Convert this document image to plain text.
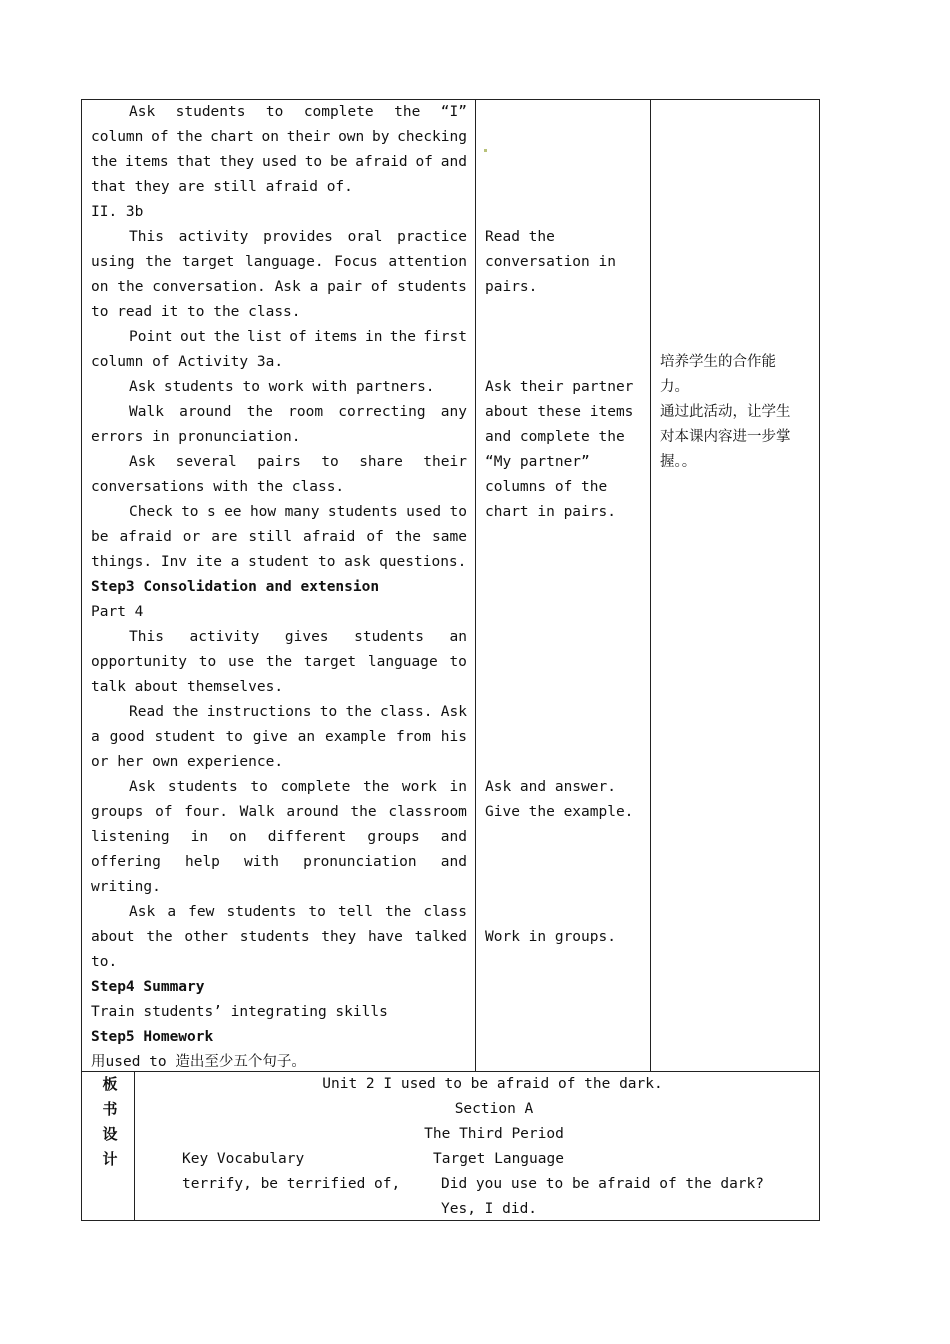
Ask students to complete the “I”
column of the chart on their own by checking
the items that they used to be afraid of and
that they are still afraid of.
II. 3b
This activity provides oral practice
using the target language. Focus attention
on the conversation. Ask a pair of students
to read it to the class.
Point out the list of items in the first
column of Activity 3a.
Ask students to work with partners.
Walk around the room correcting any
errors in pronunciation.
Ask several pairs to share their
conversations with the class.
Check to s ee how many students used to
be afraid or are still afraid of the same
things. Inv ite a student to ask questions.
Step3 Consolidation and extension
Part 4
This activity gives students an
opportunity to use the target language to
talk about themselves.
Read the instructions to the class. Ask
a good student to give an example from his
or her own experience.
Ask students to complete the work in
groups of four. Walk around the classroom
listening in on different groups and
offering help with pronunciation and
writing.
Ask a few students to tell the class
about the other students they have talked
to.
Step4 Summary
Train students’ integrating skills
Step5 Homework
用used to 造出至少五个句子。
Read the
conversation in
pairs.
Ask their partner
about these items
and complete the
“My partner”
columns of the
chart in pairs.
Ask and answer.
Give the example.
Work in groups.
培养学生的合作能
力。
通过此活动，让学生
对本课内容进一步掌
握。。
板
书
设
计
Unit 2 I used to be afraid of the dark.
Section A
The Third Period
Key Vocabulary	Target Language
terrify, be terrified of,	Did you use to be afraid of the dark?
Yes, I did.
